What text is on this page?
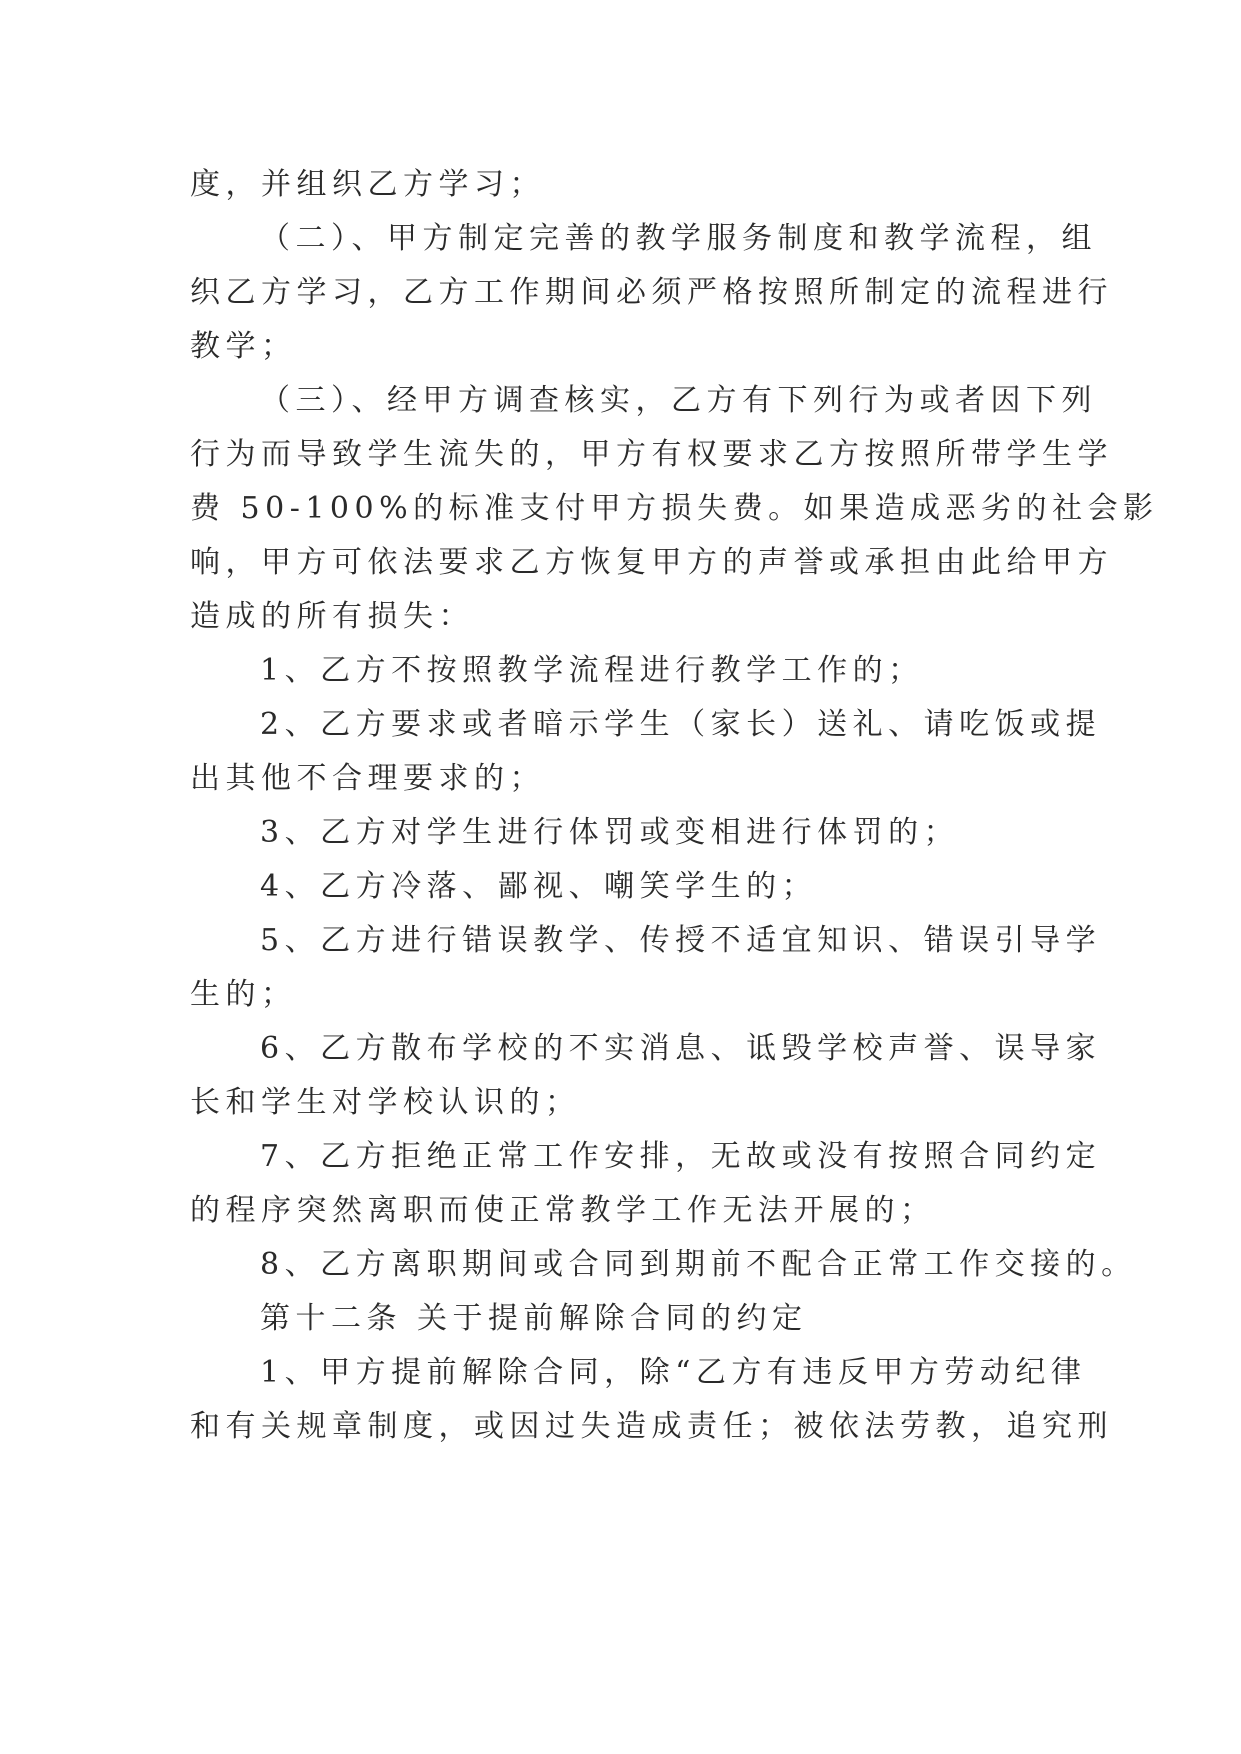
度，并组织乙方学习；
（二）、甲方制定完善的教学服务制度和教学流程，组
织乙方学习，乙方工作期间必须严格按照所制定的流程进行
教学；
（三）、经甲方调查核实，乙方有下列行为或者因下列
行为而导致学生流失的，甲方有权要求乙方按照所带学生学
费 50-100%的标准支付甲方损失费。如果造成恶劣的社会影
响，甲方可依法要求乙方恢复甲方的声誉或承担由此给甲方
造成的所有损失：
1、乙方不按照教学流程进行教学工作的；
2、乙方要求或者暗示学生（家长）送礼、请吃饭或提
出其他不合理要求的；
3、乙方对学生进行体罚或变相进行体罚的；
4、乙方冷落、鄙视、嘲笑学生的；
5、乙方进行错误教学、传授不适宜知识、错误引导学
生的；
6、乙方散布学校的不实消息、诋毁学校声誉、误导家
长和学生对学校认识的；
7、乙方拒绝正常工作安排，无故或没有按照合同约定
的程序突然离职而使正常教学工作无法开展的；
8、乙方离职期间或合同到期前不配合正常工作交接的。
第十二条 关于提前解除合同的约定
1、甲方提前解除合同，除“乙方有违反甲方劳动纪律
和有关规章制度，或因过失造成责任；被依法劳教，追究刑
